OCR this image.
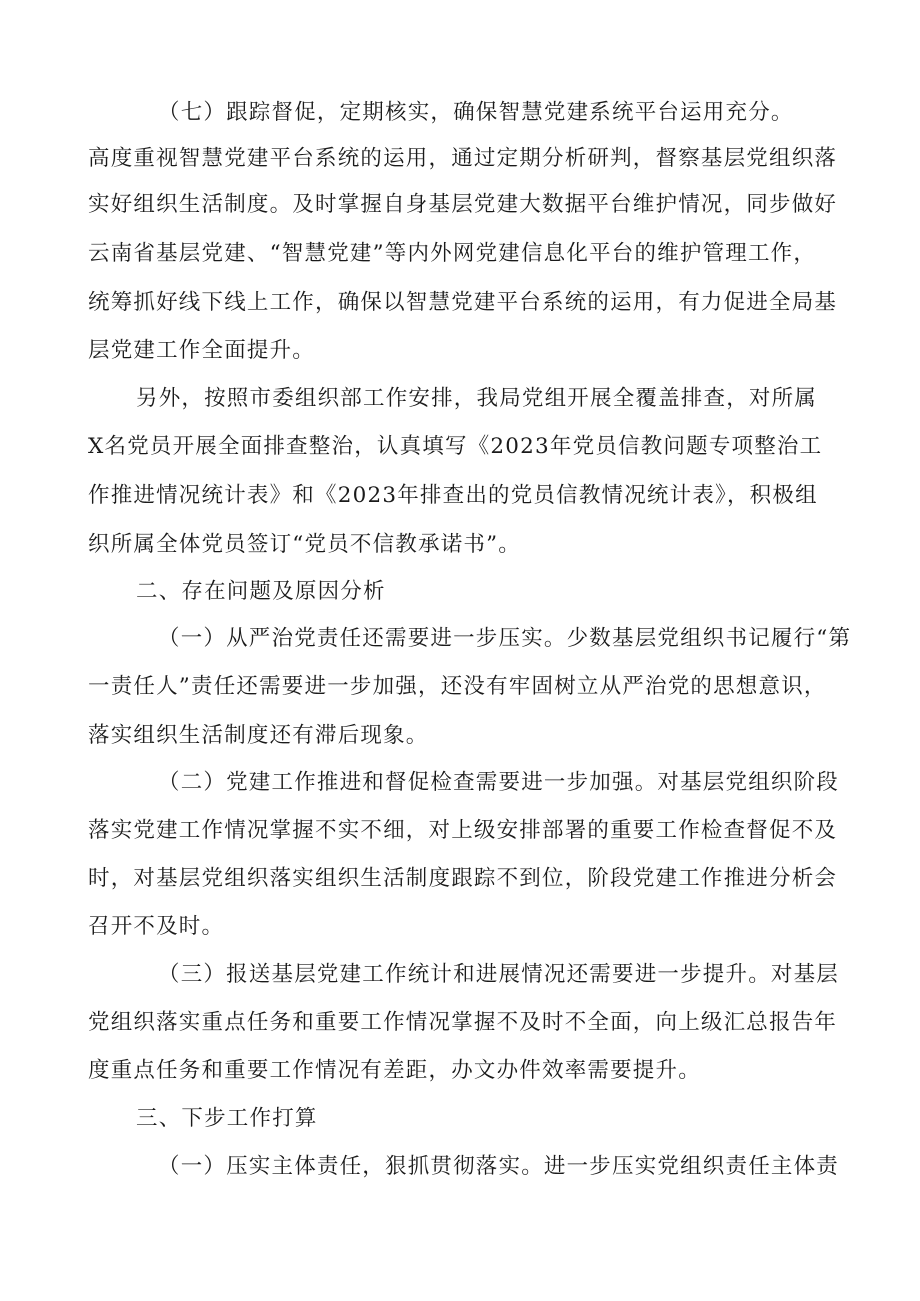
（七）跟踪督促，定期核实，确保智慧党建系统平台运用充分。
高度重视智慧党建平台系统的运用，通过定期分析研判，督察基层党组织落
实好组织生活制度。及时掌握自身基层党建大数据平台维护情况，同步做好
云南省基层党建、“智慧党建”等内外网党建信息化平台的维护管理工作，
统筹抓好线下线上工作，确保以智慧党建平台系统的运用，有力促进全局基
层党建工作全面提升。
另外，按照市委组织部工作安排，我局党组开展全覆盖排查，对所属
X名党员开展全面排查整治，认真填写《2023年党员信教问题专项整治工
作推进情况统计表》和《2023年排查出的党员信教情况统计表》，积极组
织所属全体党员签订“党员不信教承诺书”。
二、存在问题及原因分析
（一）从严治党责任还需要进一步压实。少数基层党组织书记履行“第
一责任人”责任还需要进一步加强，还没有牢固树立从严治党的思想意识，
落实组织生活制度还有滞后现象。
（二）党建工作推进和督促检查需要进一步加强。对基层党组织阶段
落实党建工作情况掌握不实不细，对上级安排部署的重要工作检查督促不及
时，对基层党组织落实组织生活制度跟踪不到位，阶段党建工作推进分析会
召开不及时。
（三）报送基层党建工作统计和进展情况还需要进一步提升。对基层
党组织落实重点任务和重要工作情况掌握不及时不全面，向上级汇总报告年
度重点任务和重要工作情况有差距，办文办件效率需要提升。
三、下步工作打算
（一）压实主体责任，狠抓贯彻落实。进一步压实党组织责任主体责
